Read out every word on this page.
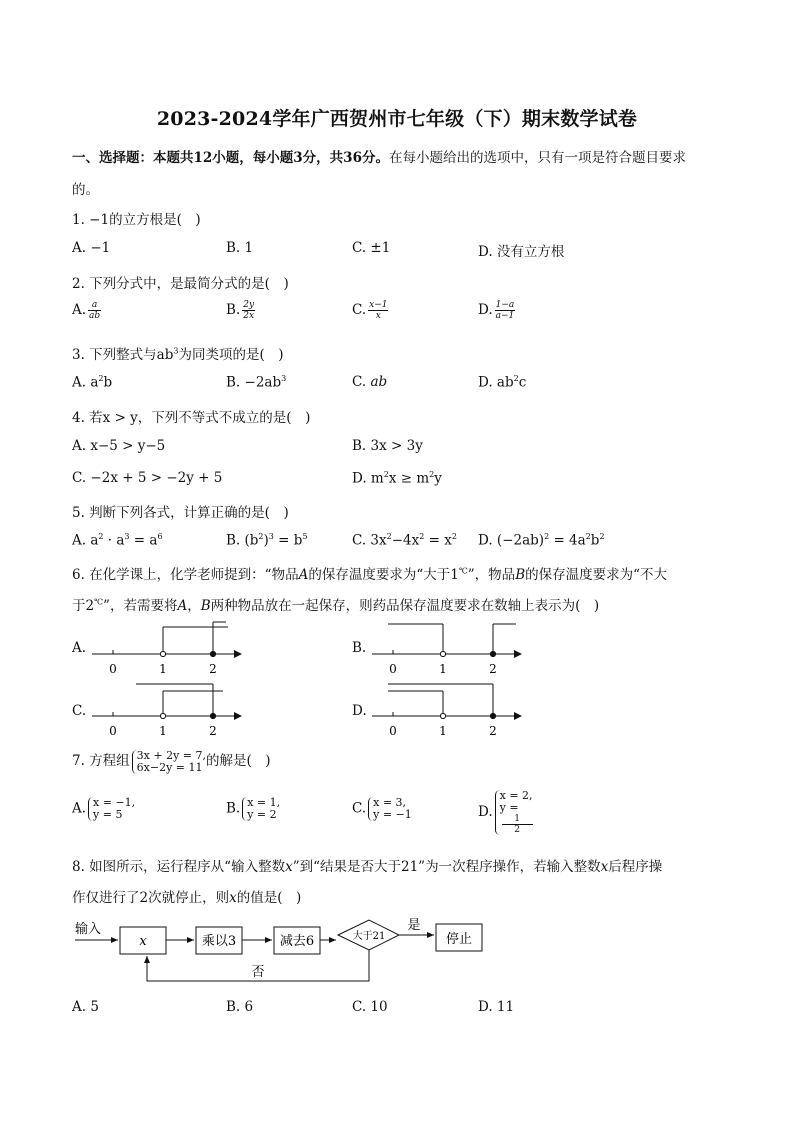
2023-2024学年广西贺州市七年级（下）期末数学试卷
一、选择题：本题共12小题，每小题3分，共36分。在每小题给出的选项中，只有一项是符合题目要求
的。
1. −1的立方根是(　)
A. −1	B. 1	C. ±1	D. 没有立方根
2. 下列分式中，是最简分式的是(　)
A. $\frac{a}{ab}$	B. $\frac{2y}{2x}$	C. $\frac{x-1}{x}$	D. $\frac{1-a}{a-1}$
3. 下列整式与$ab^3$为同类项的是(　)
A. $a^2b$	B. $-2ab^3$	C. ab	D. $ab^2c$
4. 若x > y，下列不等式不成立的是(　)
A. x−5 > y−5	B. 3x > 3y
C. −2x + 5 > −2y + 5	D. $m^2x \ge m^2y$
5. 判断下列各式，计算正确的是(　)
A. $a^2 \cdot a^3 = a^6$	B. $(b^2)^3 = b^5$	C. $3x^2-4x^2 = x^2$ D. $(-2ab)^2 = 4a^2b^2$
6. 在化学课上，化学老师提到：“物品A的保存温度要求为“大于1℃”，物品B的保存温度要求为“不大
于2℃”，若需要将A，B两种物品放在一起保存，则药品保存温度要求在数轴上表示为(　)
A.
0	1	2
B.
0	1	2
C.
0	1	2
D.
0	1	2
7. 方程组 3x + 2y = 7,
6x−2y = 11 的解是(　)
A. x = −1,
y = 5	B. x = 1,
y = 2	C. x = 3,
y = −1	D.
x = 2,
y =
1
2
8. 如图所示，运行程序从“输入整数x”到“结果是否大于21”为一次程序操作，若输入整数x后程序操
作仅进行了2次就停止，则x的值是(　)
输入
x	乘以3	减去6	大于21
是
停止
否
A. 5	B. 6	C. 10	D. 11
